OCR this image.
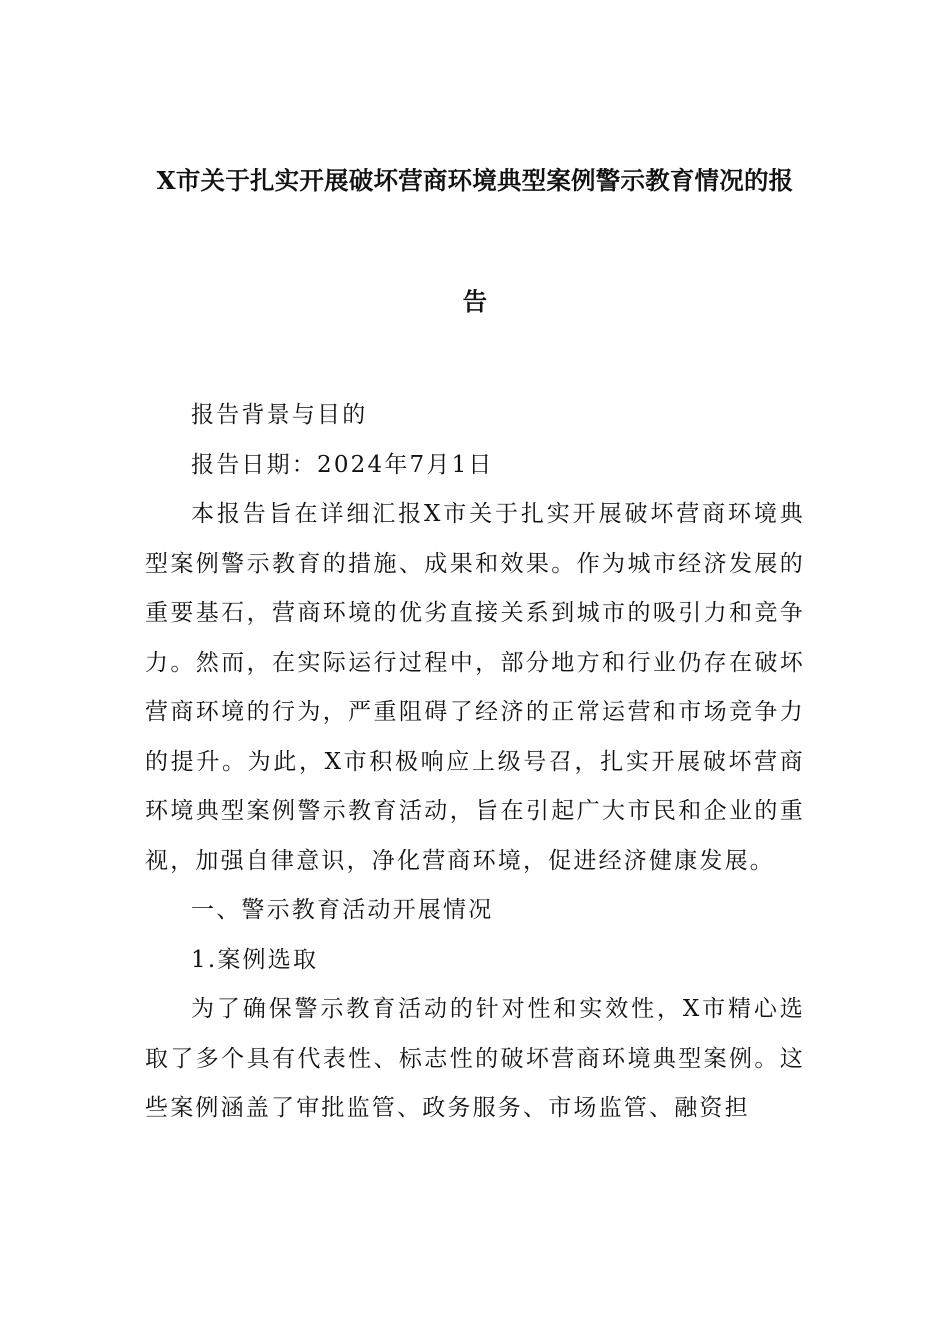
X市关于扎实开展破坏营商环境典型案例警示教育情况的报
告

报告背景与目的

报告日期：2024年7月1日

本报告旨在详细汇报X市关于扎实开展破坏营商环境典型案例警示教育的措施、成果和效果。作为城市经济发展的重要基石，营商环境的优劣直接关系到城市的吸引力和竞争力。然而，在实际运行过程中，部分地方和行业仍存在破坏营商环境的行为，严重阻碍了经济的正常运营和市场竞争力的提升。为此，X市积极响应上级号召，扎实开展破坏营商环境典型案例警示教育活动，旨在引起广大市民和企业的重视，加强自律意识，净化营商环境，促进经济健康发展。

一、警示教育活动开展情况

1.案例选取

为了确保警示教育活动的针对性和实效性，X市精心选取了多个具有代表性、标志性的破坏营商环境典型案例。这些案例涵盖了审批监管、政务服务、市场监管、融资担
